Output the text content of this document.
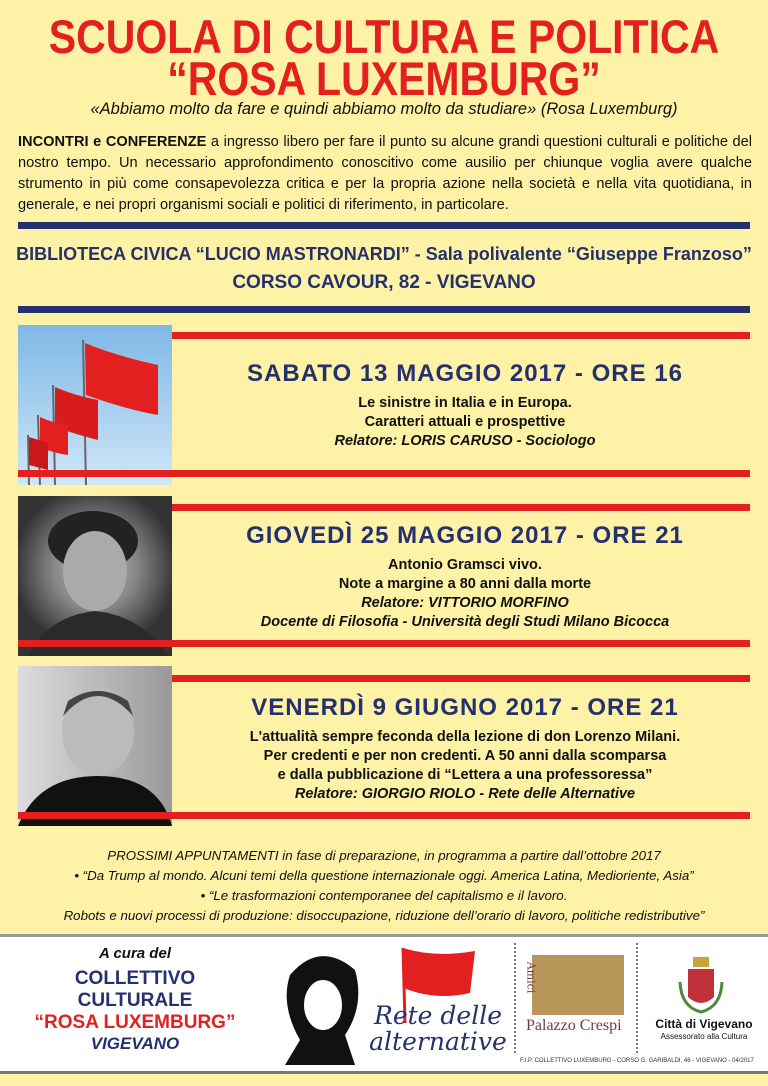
SCUOLA DI CULTURA E POLITICA
“ROSA LUXEMBURG”
«Abbiamo molto da fare e quindi abbiamo molto da studiare» (Rosa Luxemburg)
INCONTRI e CONFERENZE a ingresso libero per fare il punto su alcune grandi questioni culturali e politiche del nostro tempo. Un necessario approfondimento conoscitivo come ausilio per chiunque voglia avere qualche strumento in più come consapevolezza critica e per la propria azione nella società e nella vita quotidiana, in generale, e nei propri organismi sociali e politici di riferimento, in particolare.
BIBLIOTECA CIVICA “LUCIO MASTRONARDI” - Sala polivalente “Giuseppe Franzoso”
CORSO CAVOUR, 82 - VIGEVANO
SABATO 13 MAGGIO 2017 - ORE 16
Le sinistre in Italia e in Europa.
Caratteri attuali e prospettive
Relatore: LORIS CARUSO - Sociologo
GIOVEDÌ 25 MAGGIO 2017 - ORE 21
Antonio Gramsci vivo.
Note a margine a 80 anni dalla morte
Relatore: VITTORIO MORFINO
Docente di Filosofia - Università degli Studi Milano Bicocca
VENERDÌ 9 GIUGNO 2017 - ORE 21
L'attualità sempre feconda della lezione di don Lorenzo Milani.
Per credenti e per non credenti. A 50 anni dalla scomparsa
e dalla pubblicazione di “Lettera a una professoressa”
Relatore: GIORGIO RIOLO - Rete delle Alternative
PROSSIMI APPUNTAMENTI in fase di preparazione, in programma a partire dall’ottobre 2017
• “Da Trump al mondo. Alcuni temi della questione internazionale oggi. America Latina, Medioriente, Asia”
• “Le trasformazioni contemporanee del capitalismo e il lavoro.
Robots e nuovi processi di produzione: disoccupazione, riduzione dell’orario di lavoro, politiche redistributive”
A cura del
COLLETTIVO
CULTURALE
“ROSA LUXEMBURG”
VIGEVANO
Rete delle
alternative
Amici
Palazzo Crespi	Città di Vigevano
Assessorato alla Cultura
F.I.P. COLLETTIVO LUXEMBURG - CORSO G. GARIBALDI, 46 - VIGEVANO - 04/2017
